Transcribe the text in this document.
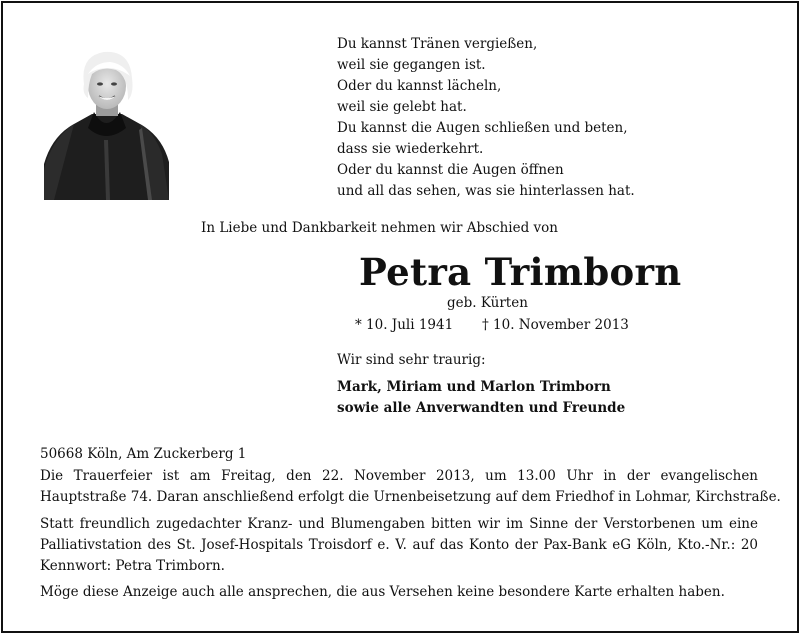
Du kannst Tränen vergießen,
weil sie gegangen ist.
Oder du kannst lächeln,
weil sie gelebt hat.
Du kannst die Augen schließen und beten,
dass sie wiederkehrt.
Oder du kannst die Augen öffnen
und all das sehen, was sie hinterlassen hat.
In Liebe und Dankbarkeit nehmen wir Abschied von
Petra Trimborn
geb. Kürten
* 10. Juli 1941 † 10. November 2013
Wir sind sehr traurig:
Mark, Miriam und Marlon Trimborn
sowie alle Anverwandten und Freunde
50668 Köln, Am Zuckerberg 1
Die Trauerfeier ist am Freitag, den 22. November 2013, um 13.00 Uhr in der evangelischen
Hauptstraße 74. Daran anschließend erfolgt die Urnenbeisetzung auf dem Friedhof in Lohmar, Kirchstraße.
Statt freundlich zugedachter Kranz- und Blumengaben bitten wir im Sinne der Verstorbenen um eine
Palliativstation des St. Josef-Hospitals Troisdorf e. V. auf das Konto der Pax-Bank eG Köln, Kto.-Nr.: 20
Kennwort: Petra Trimborn.
Möge diese Anzeige auch alle ansprechen, die aus Versehen keine besondere Karte erhalten haben.
